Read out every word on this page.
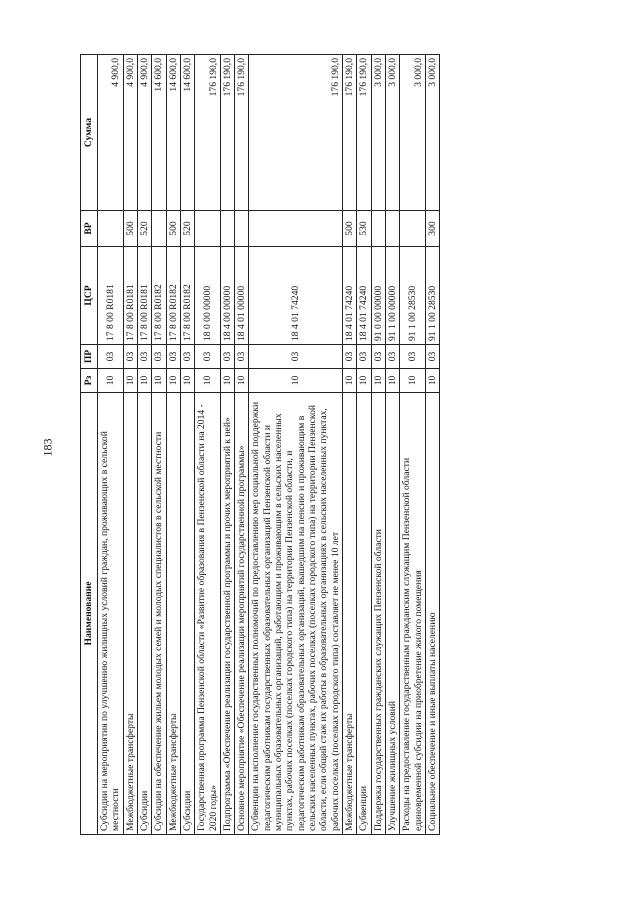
183
Наименование	Рз	ПР	ЦСР	ВР	Сумма
Субсидии на мероприятия по улучшению жилищных условий граждан, проживающих в сельской местности	10	03	17 8 00 R0181		4 900,0
Межбюджетные трансферты	10	03	17 8 00 R0181	500	4 900,0
Субсидии	10	03	17 8 00 R0181	520	4 900,0
Субсидии на обеспечение жильем молодых семей и молодых специалистов в сельской местности	10	03	17 8 00 R0182		14 600,0
Межбюджетные трансферты	10	03	17 8 00 R0182	500	14 600,0
Субсидии	10	03	17 8 00 R0182	520	14 600,0
Государственная программа Пензенской области «Развитие образования в Пензенской области на 2014 - 2020 годы»	10	03	18 0 00 00000		176 190,0
Подпрограмма «Обеспечение реализации государственной программы и прочих мероприятий к ней»	10	03	18 4 00 00000		176 190,0
Основное мероприятие «Обеспечение реализации мероприятий государственной программы»	10	03	18 4 01 00000		176 190,0
Субвенции на исполнение государственных полномочий по предоставлению мер социальной поддержки педагогическим работникам государственных образовательных организаций Пензенской области и муниципальных образовательных организаций, работающим и проживающим в сельских населенных пунктах, рабочих поселках (поселках городского типа) на территории Пензенской области, и педагогическим работникам образовательных организаций, вышедшим на пенсию и проживающим в сельских населенных пунктах, рабочих поселках (поселках городского типа) на территории Пензенской области, если общий стаж их работы в образовательных организациях в сельских населенных пунктах, рабочих поселках (поселках городского типа) составляет не менее 10 лет	10	03	18 4 01 74240		176 190,0
Межбюджетные трансферты	10	03	18 4 01 74240	500	176 190,0
Субвенции	10	03	18 4 01 74240	530	176 190,0
Поддержка государственных гражданских служащих Пензенской области	10	03	91 0 00 00000		3 000,0
Улучшение жилищных условий	10	03	91 1 00 00000		3 000,0
Расходы на предоставление государственным гражданским служащим Пензенской области единовременной субсидии на приобретение жилого помещения	10	03	91 1 00 28530		3 000,0
Социальное обеспечение и иные выплаты населению	10	03	91 1 00 28530	300	3 000,0
